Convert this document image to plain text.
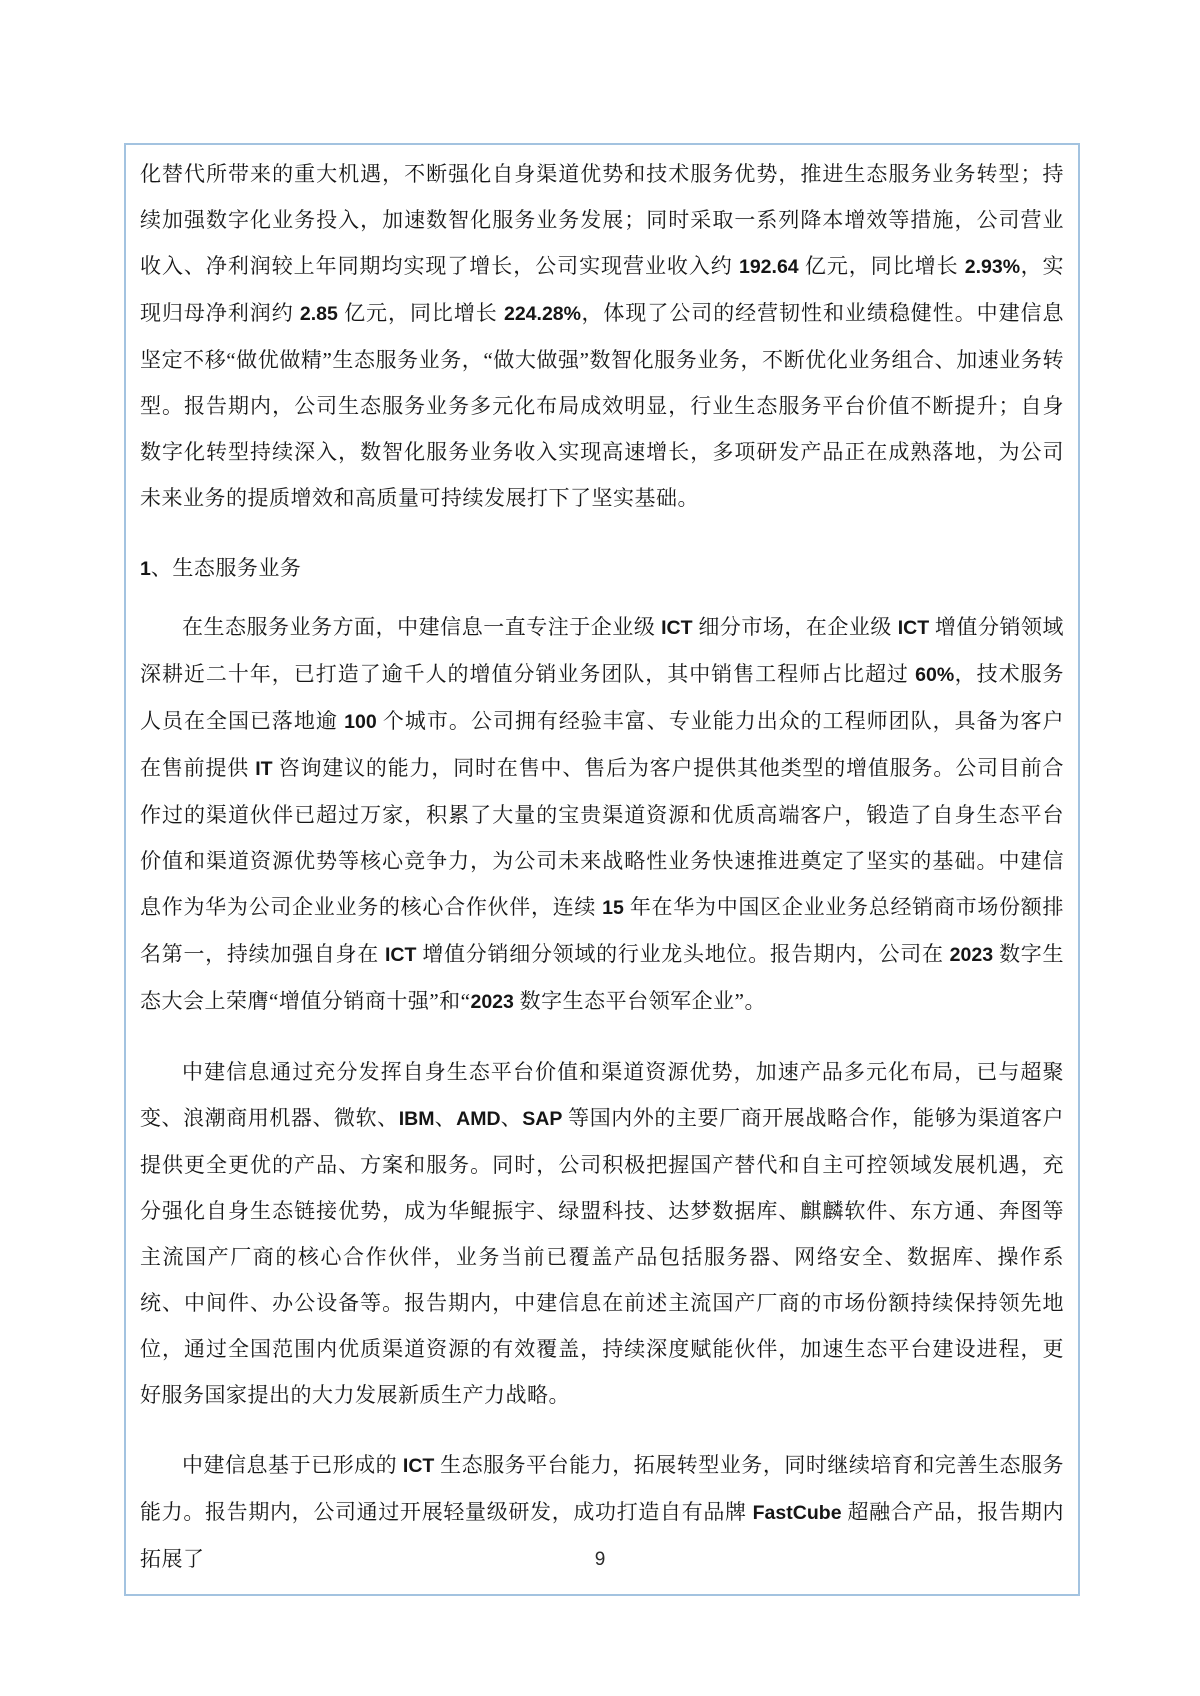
化替代所带来的重大机遇，不断强化自身渠道优势和技术服务优势，推进生态服务业务转型；持续加强数字化业务投入，加速数智化服务业务发展；同时采取一系列降本增效等措施，公司营业收入、净利润较上年同期均实现了增长，公司实现营业收入约 192.64 亿元，同比增长 2.93%，实现归母净利润约 2.85 亿元，同比增长 224.28%，体现了公司的经营韧性和业绩稳健性。中建信息坚定不移“做优做精”生态服务业务，“做大做强”数智化服务业务，不断优化业务组合、加速业务转型。报告期内，公司生态服务业务多元化布局成效明显，行业生态服务平台价值不断提升；自身数字化转型持续深入，数智化服务业务收入实现高速增长，多项研发产品正在成熟落地，为公司未来业务的提质增效和高质量可持续发展打下了坚实基础。

1、生态服务业务

在生态服务业务方面，中建信息一直专注于企业级 ICT 细分市场，在企业级 ICT 增值分销领域深耕近二十年，已打造了逾千人的增值分销业务团队，其中销售工程师占比超过 60%，技术服务人员在全国已落地逾 100 个城市。公司拥有经验丰富、专业能力出众的工程师团队，具备为客户在售前提供 IT 咨询建议的能力，同时在售中、售后为客户提供其他类型的增值服务。公司目前合作过的渠道伙伴已超过万家，积累了大量的宝贵渠道资源和优质高端客户，锻造了自身生态平台价值和渠道资源优势等核心竞争力，为公司未来战略性业务快速推进奠定了坚实的基础。中建信息作为华为公司企业业务的核心合作伙伴，连续 15 年在华为中国区企业业务总经销商市场份额排名第一，持续加强自身在 ICT 增值分销细分领域的行业龙头地位。报告期内，公司在 2023 数字生态大会上荣膺“增值分销商十强”和“2023 数字生态平台领军企业”。

中建信息通过充分发挥自身生态平台价值和渠道资源优势，加速产品多元化布局，已与超聚变、浪潮商用机器、微软、IBM、AMD、SAP 等国内外的主要厂商开展战略合作，能够为渠道客户提供更全更优的产品、方案和服务。同时，公司积极把握国产替代和自主可控领域发展机遇，充分强化自身生态链接优势，成为华鲲振宇、绿盟科技、达梦数据库、麒麟软件、东方通、奔图等主流国产厂商的核心合作伙伴，业务当前已覆盖产品包括服务器、网络安全、数据库、操作系统、中间件、办公设备等。报告期内，中建信息在前述主流国产厂商的市场份额持续保持领先地位，通过全国范围内优质渠道资源的有效覆盖，持续深度赋能伙伴，加速生态平台建设进程，更好服务国家提出的大力发展新质生产力战略。

中建信息基于已形成的 ICT 生态服务平台能力，拓展转型业务，同时继续培育和完善生态服务能力。报告期内，公司通过开展轻量级研发，成功打造自有品牌 FastCube 超融合产品，报告期内拓展了	9
